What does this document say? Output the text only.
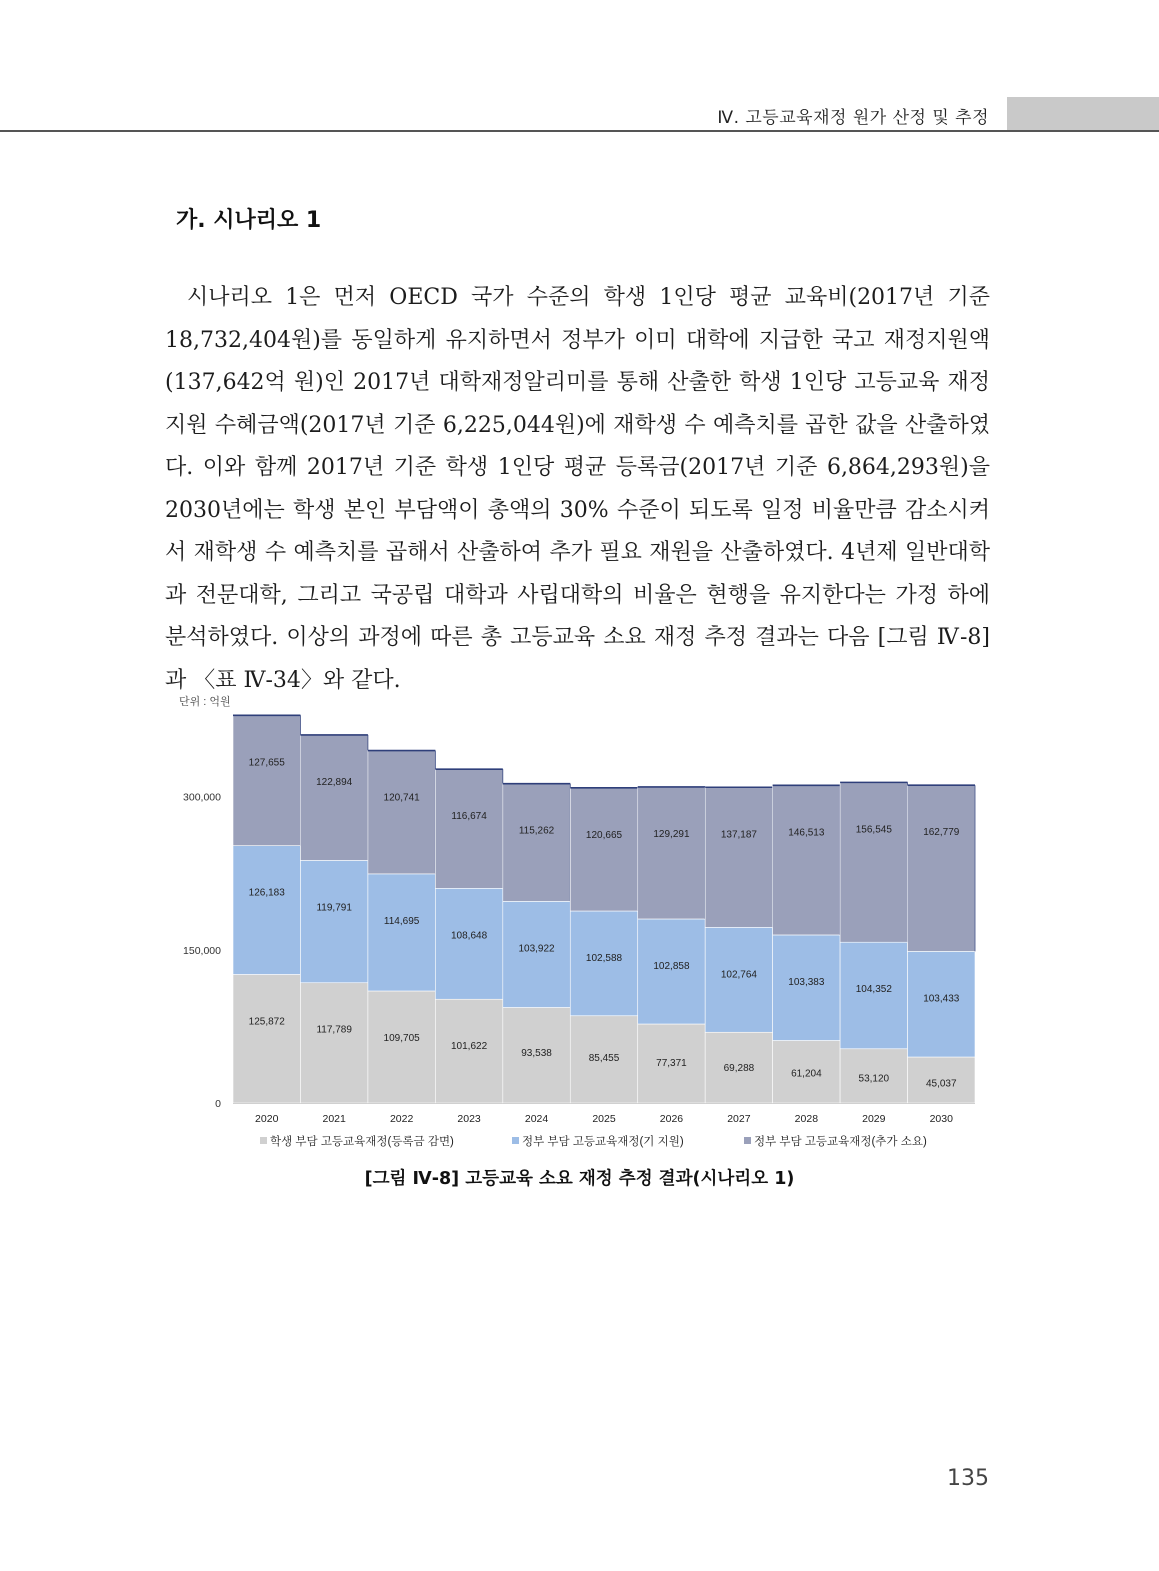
Ⅳ. 고등교육재정 원가 산정 및 추정
가. 시나리오 1

시나리오 1은 먼저 OECD 국가 수준의 학생 1인당 평균 교육비(2017년 기준 18,732,404원)를 동일하게 유지하면서 정부가 이미 대학에 지급한 국고 재정지원액(137,642억 원)인 2017년 대학재정알리미를 통해 산출한 학생 1인당 고등교육 재정지원 수혜금액(2017년 기준 6,225,044원)에 재학생 수 예측치를 곱한 값을 산출하였다. 이와 함께 2017년 기준 학생 1인당 평균 등록금(2017년 기준 6,864,293원)을 2030년에는 학생 본인 부담액이 총액의 30% 수준이 되도록 일정 비율만큼 감소시켜서 재학생 수 예측치를 곱해서 산출하여 추가 필요 재원을 산출하였다. 4년제 일반대학과 전문대학, 그리고 국공립 대학과 사립대학의 비율은 현행을 유지한다는 가정 하에 분석하였다. 이상의 과정에 따른 총 고등교육 소요 재정 추정 결과는 다음 [그림 Ⅳ-8]과 〈표 Ⅳ-34〉와 같다.

단위 : 억원
0
150,000
300,000
125,872
126,183
127,655
2020
117,789
119,791
122,894
2021
109,705
114,695
120,741
2022
101,622
108,648
116,674
2023
93,538
103,922
115,262
2024
85,455
102,588
120,665
2025
77,371
102,858
129,291
2026
69,288
102,764
137,187
2027
61,204
103,383
146,513
2028
53,120
104,352
156,545
2029
45,037
103,433
162,779
2030
학생 부담 고등교육재정(등록금 감면)	정부 부담 고등교육재정(기 지원)	정부 부담 고등교육재정(추가 소요)
[그림 Ⅳ-8] 고등교육 소요 재정 추정 결과(시나리오 1)
135
